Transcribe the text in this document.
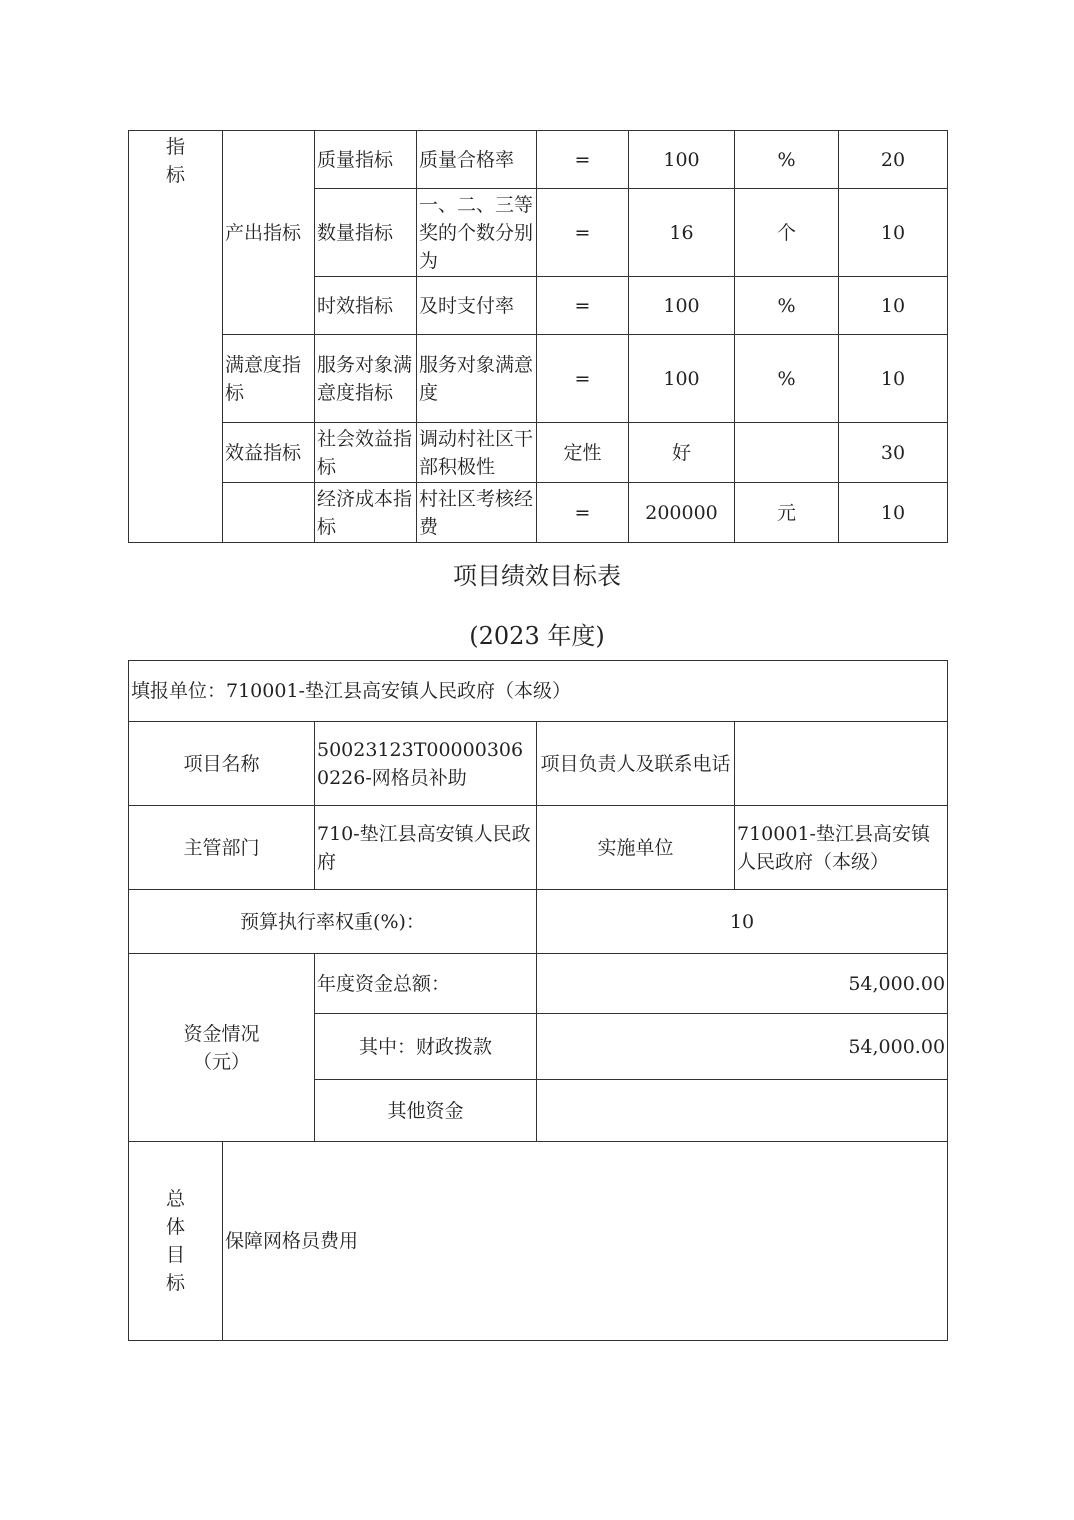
指标	产出指标	质量指标	质量合格率	=	100	%	20
		数量指标	一、二、三等奖的个数分别为	=	16	个	10
		时效指标	及时支付率	=	100	%	10
	满意度指标	服务对象满意度指标	服务对象满意度	=	100	%	10
	效益指标	社会效益指标	调动村社区干部积极性	定性	好		30
		经济成本指标	村社区考核经费	=	200000	元	10
项目绩效目标表
(2023 年度)
填报单位：710001-垫江县高安镇人民政府（本级）				
项目名称		50023123T000003060226-网格员补助	项目负责人及联系电话	
主管部门		710-垫江县高安镇人民政府	实施单位	710001-垫江县高安镇人民政府（本级）
预算执行率权重(%)：			10	

资金情况（元）		年度资金总额：	54,000.00	
		其中：财政拨款	54,000.00	
		其他资金		

总
体
目
标	保障网格员费用			
